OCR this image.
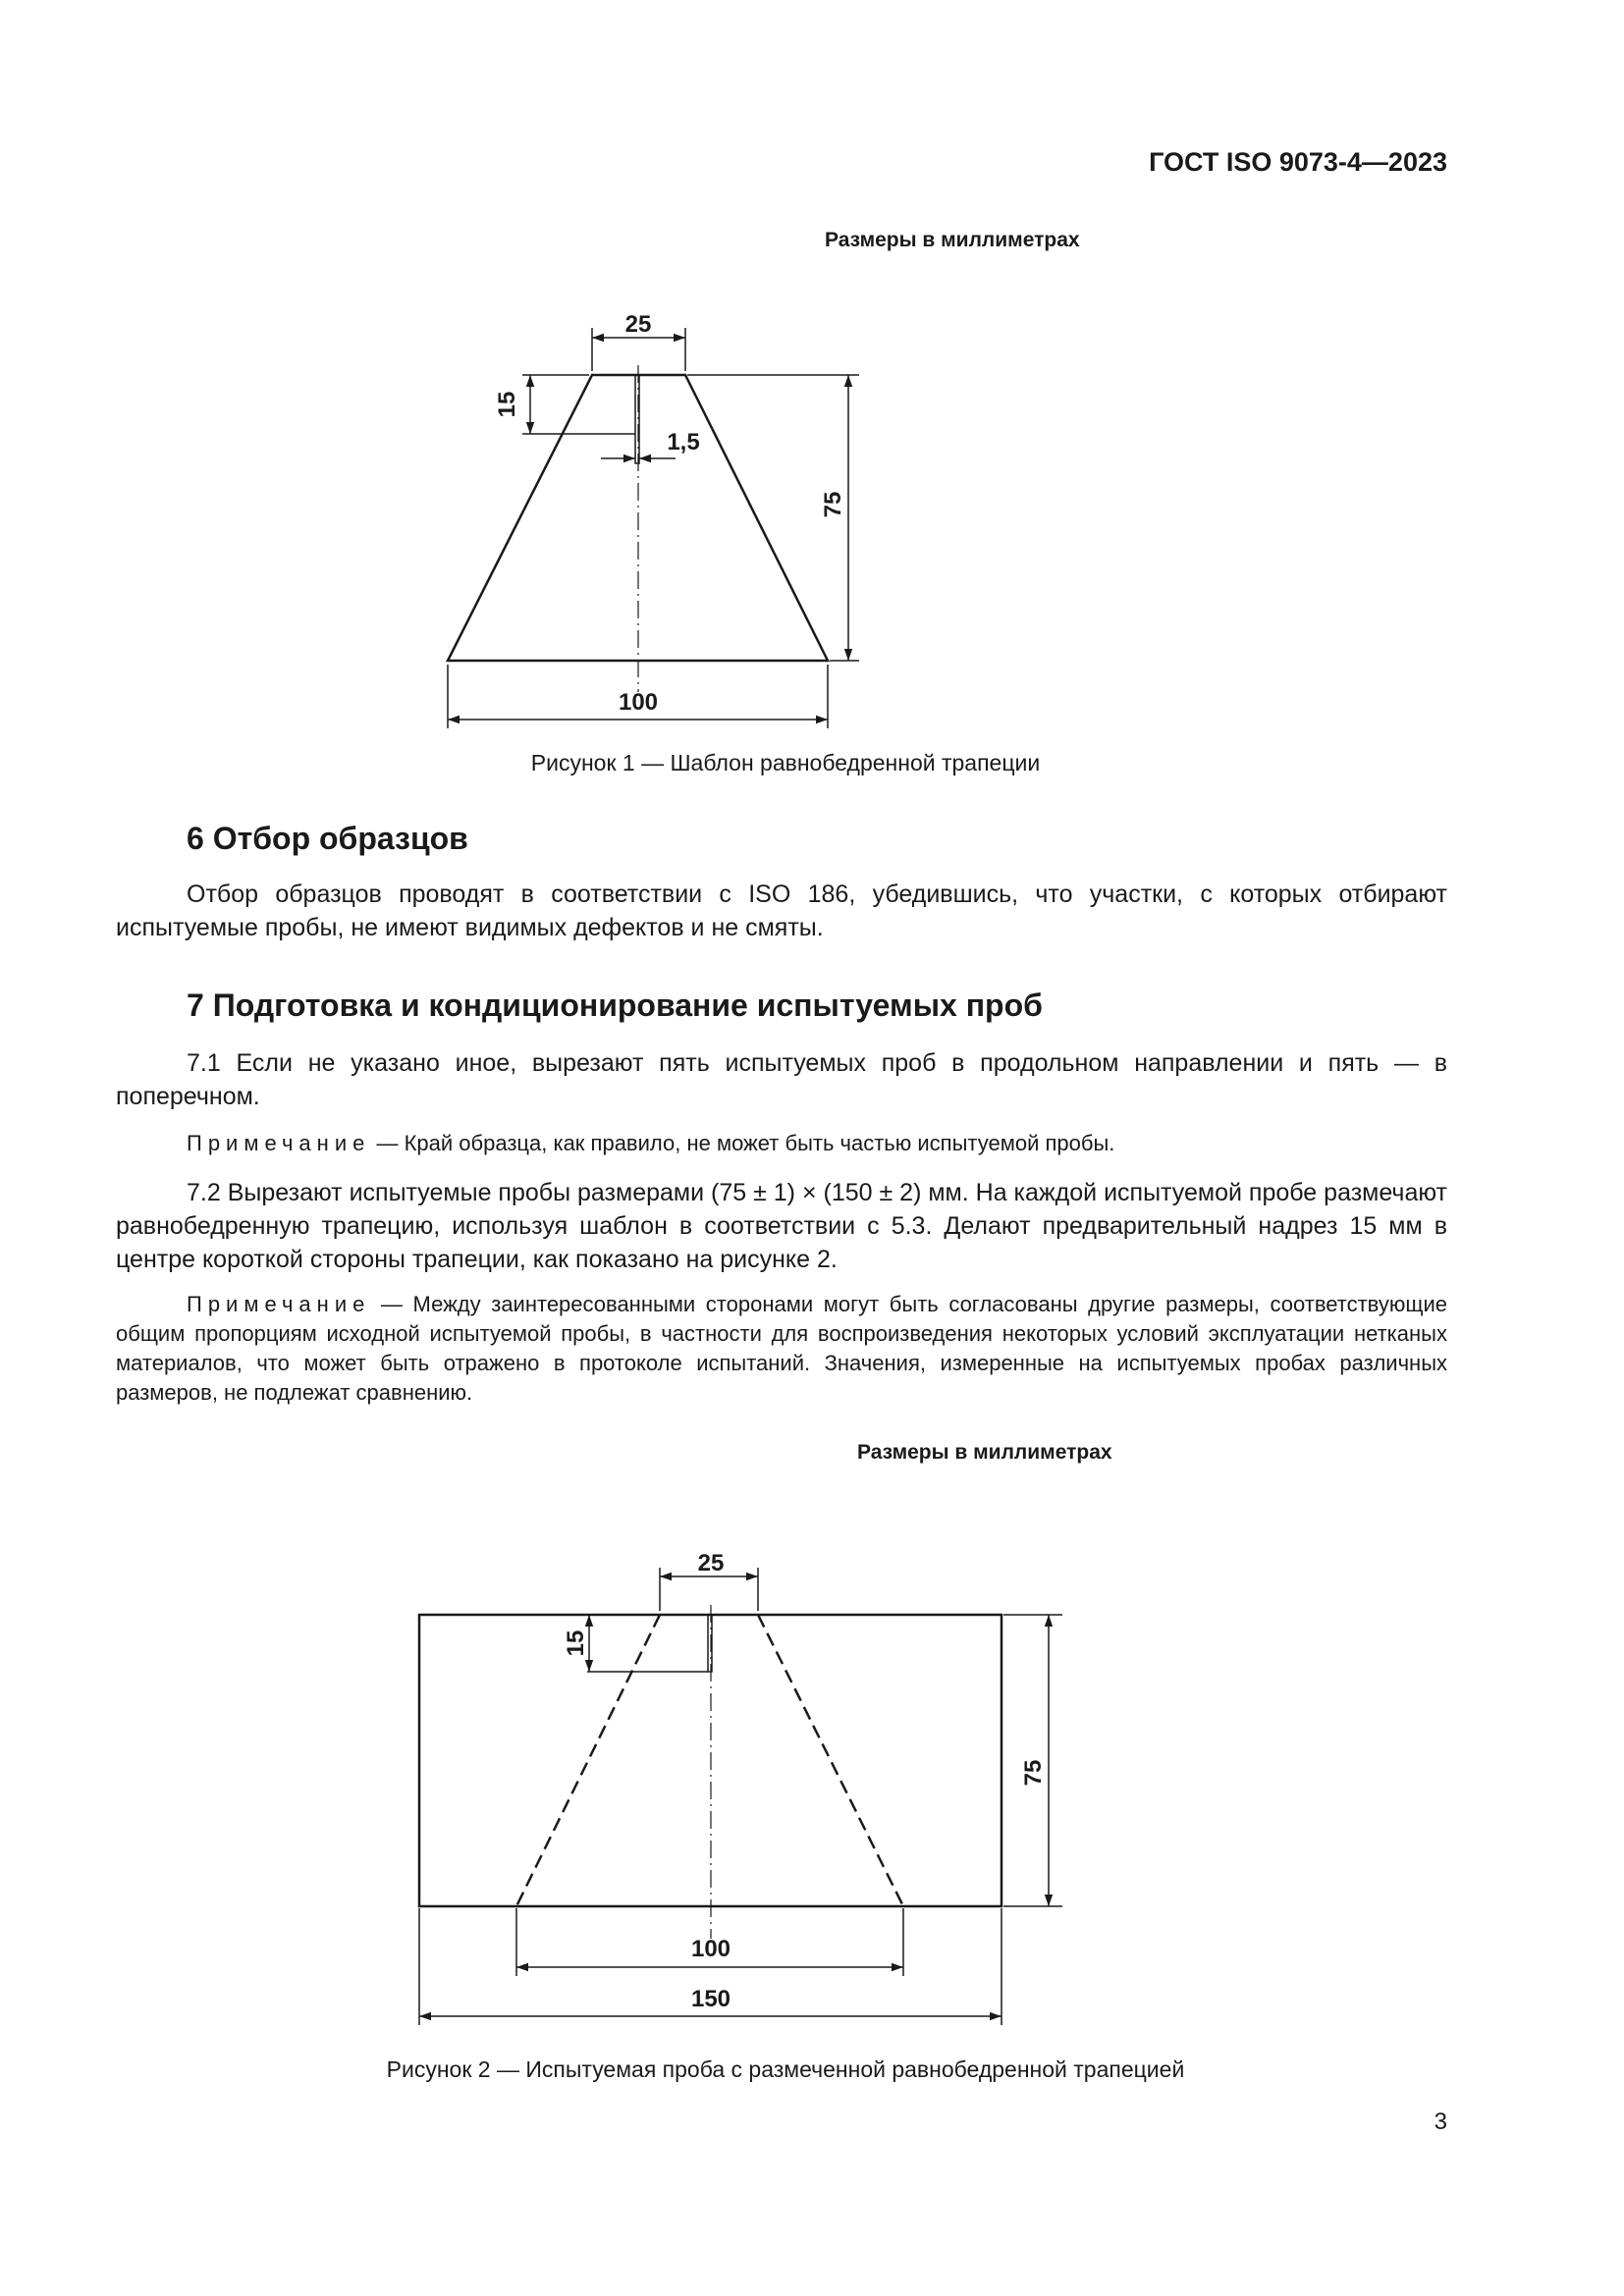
ГОСТ ISO 9073-4—2023
Размеры в миллиметрах
25
15
1,5
75
100
25
15
75
100
150
Рисунок 1 — Шаблон равнобедренной трапеции
6 Отбор образцов

Отбор образцов проводят в соответствии с ISO 186, убедившись, что участки, с которых отбирают испытуемые пробы, не имеют видимых дефектов и не смяты.

7 Подготовка и кондиционирование испытуемых проб

7.1 Если не указано иное, вырезают пять испытуемых проб в продольном направлении и пять — в поперечном.

Примечание — Край образца, как правило, не может быть частью испытуемой пробы.

7.2 Вырезают испытуемые пробы размерами (75 ± 1) × (150 ± 2) мм. На каждой испытуемой пробе размечают равнобедренную трапецию, используя шаблон в соответствии с 5.3. Делают предварительный надрез 15 мм в центре короткой стороны трапеции, как показано на рисунке 2.

Примечание — Между заинтересованными сторонами могут быть согласованы другие размеры, соответствующие общим пропорциям исходной испытуемой пробы, в частности для воспроизведения некоторых условий эксплуатации нетканых материалов, что может быть отражено в протоколе испытаний. Значения, измеренные на испытуемых пробах различных размеров, не подлежат сравнению.

Размеры в миллиметрах
Рисунок 2 — Испытуемая проба с размеченной равнобедренной трапецией
3
